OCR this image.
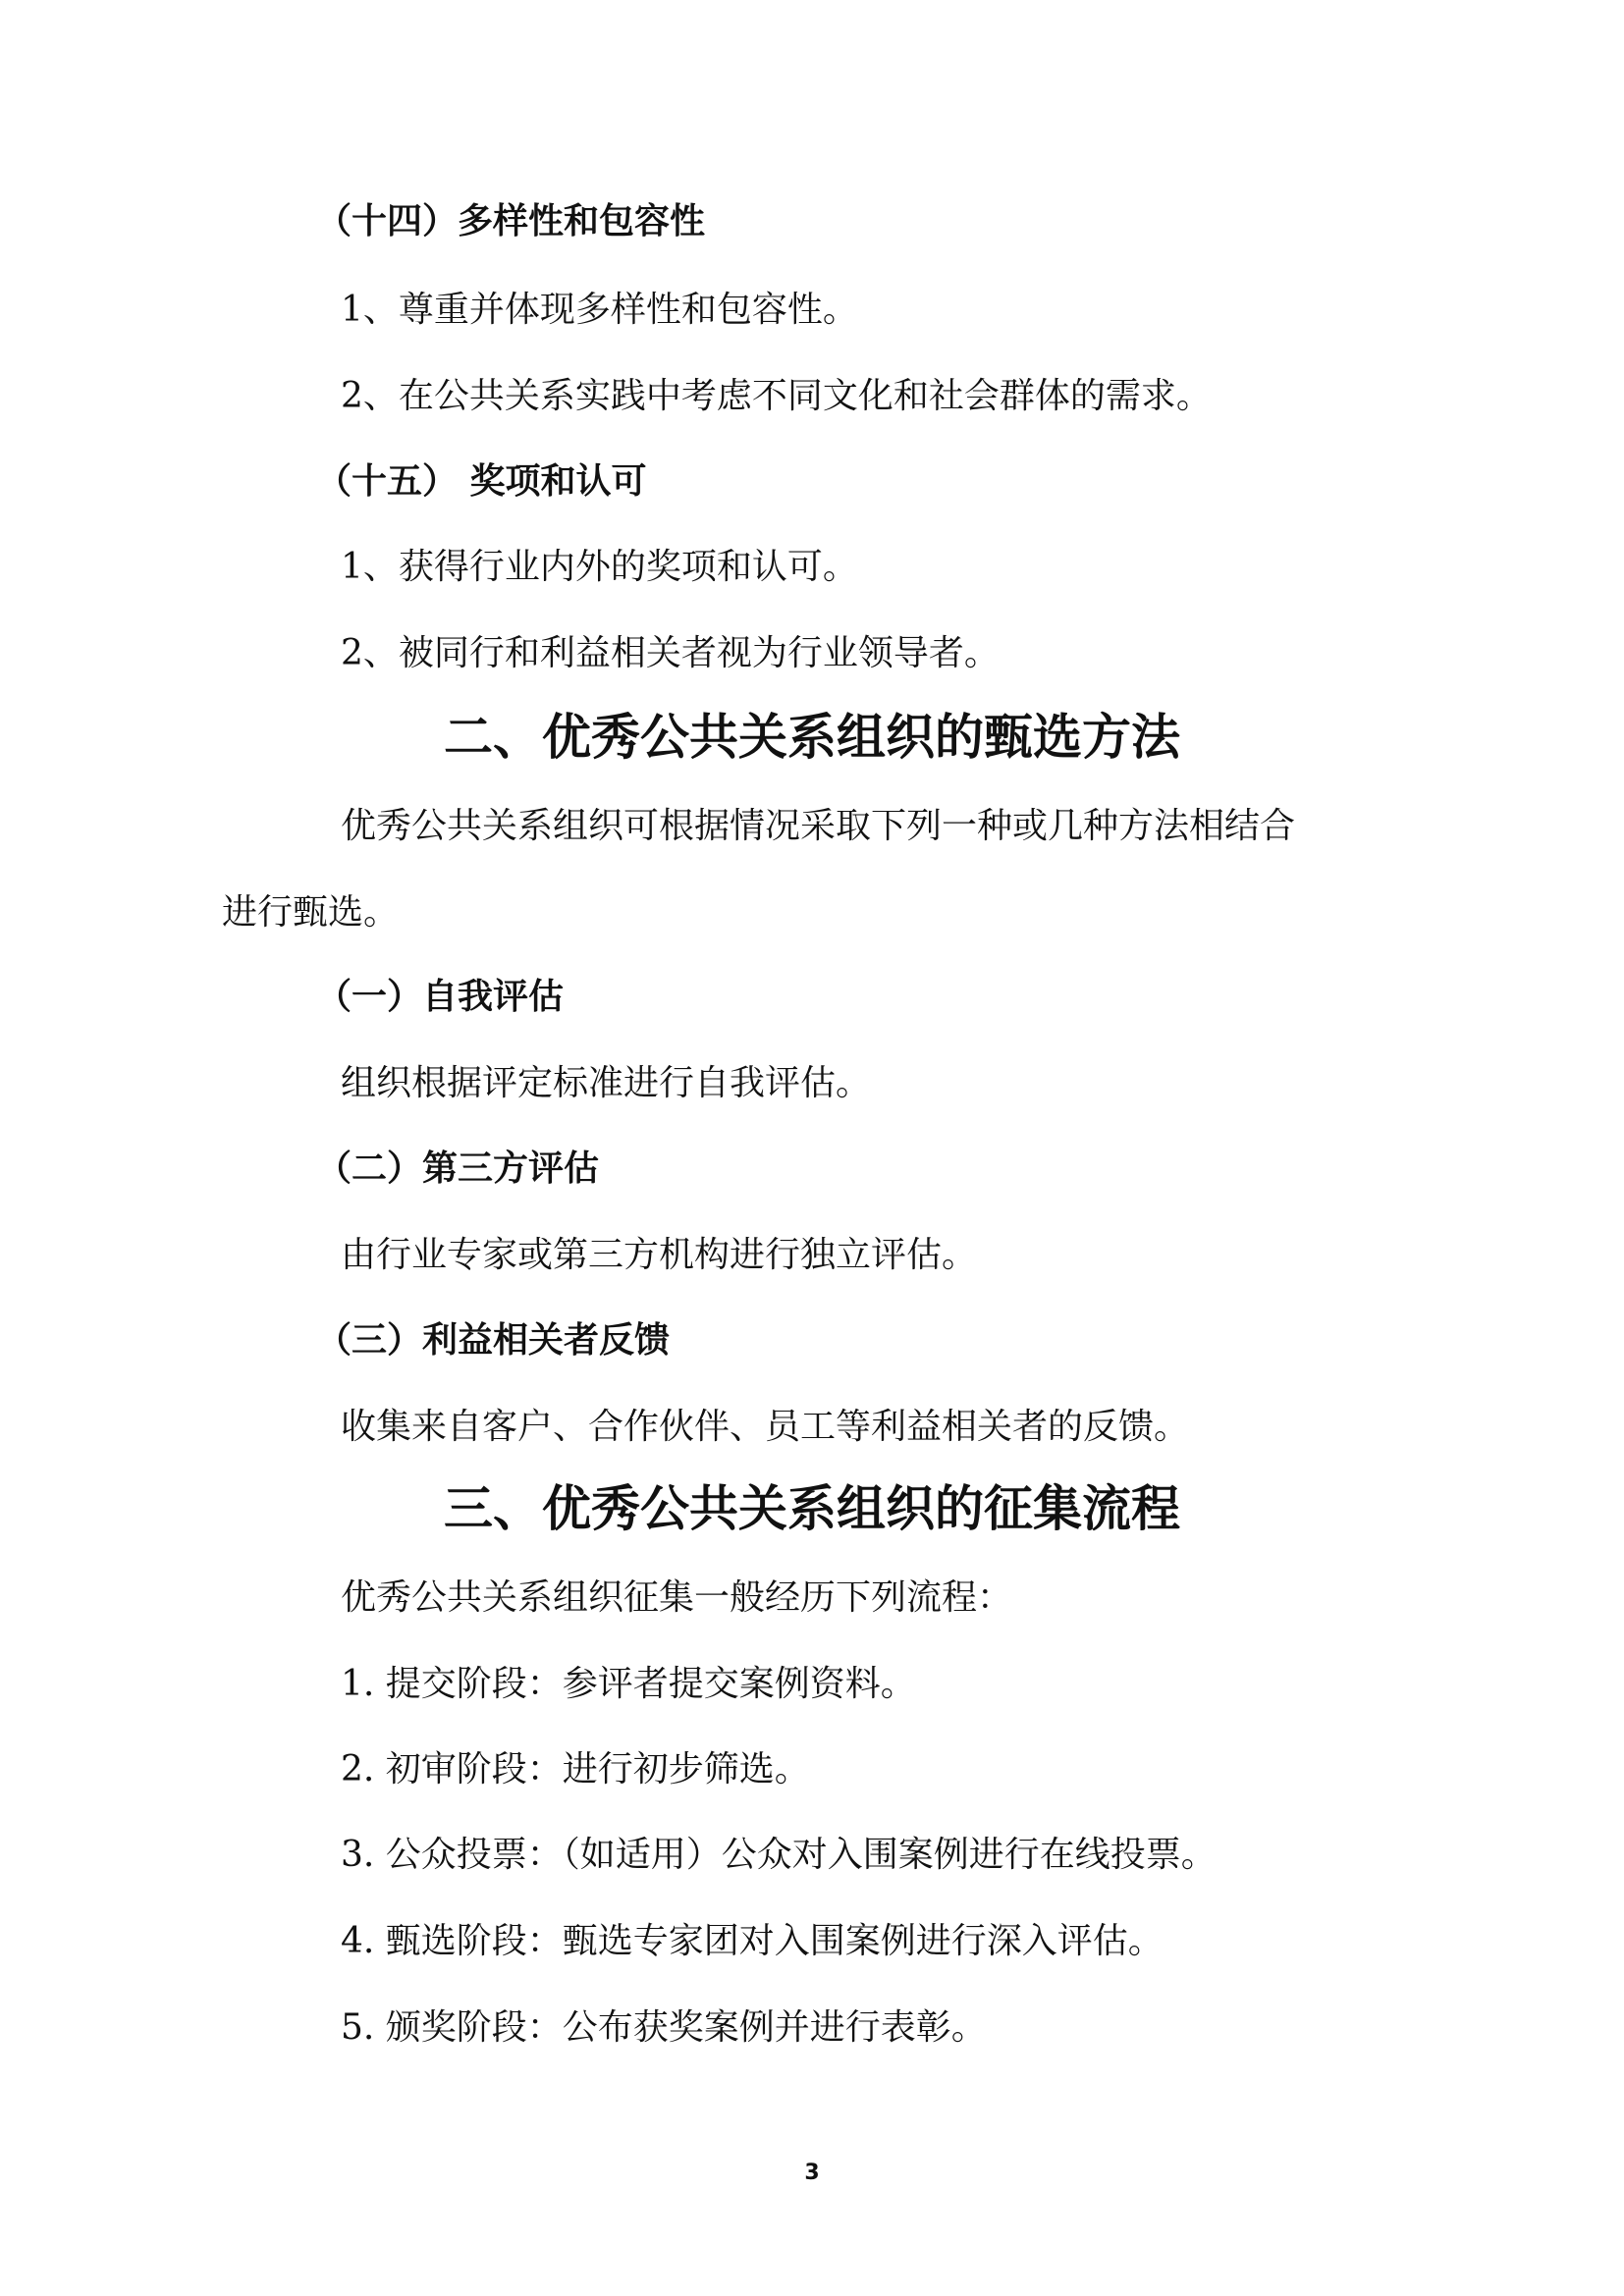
（十四）多样性和包容性
1、尊重并体现多样性和包容性。
2、在公共关系实践中考虑不同文化和社会群体的需求。
（十五） 奖项和认可
1、获得行业内外的奖项和认可。
2、被同行和利益相关者视为行业领导者。
二、优秀公共关系组织的甄选方法
优秀公共关系组织可根据情况采取下列一种或几种方法相结合
进行甄选。
（一）自我评估
组织根据评定标准进行自我评估。
（二）第三方评估
由行业专家或第三方机构进行独立评估。
（三）利益相关者反馈
收集来自客户、合作伙伴、员工等利益相关者的反馈。
三、优秀公共关系组织的征集流程
优秀公共关系组织征集一般经历下列流程：
1. 提交阶段：参评者提交案例资料。
2. 初审阶段：进行初步筛选。
3. 公众投票：（如适用）公众对入围案例进行在线投票。
4. 甄选阶段：甄选专家团对入围案例进行深入评估。
5. 颁奖阶段：公布获奖案例并进行表彰。
3
